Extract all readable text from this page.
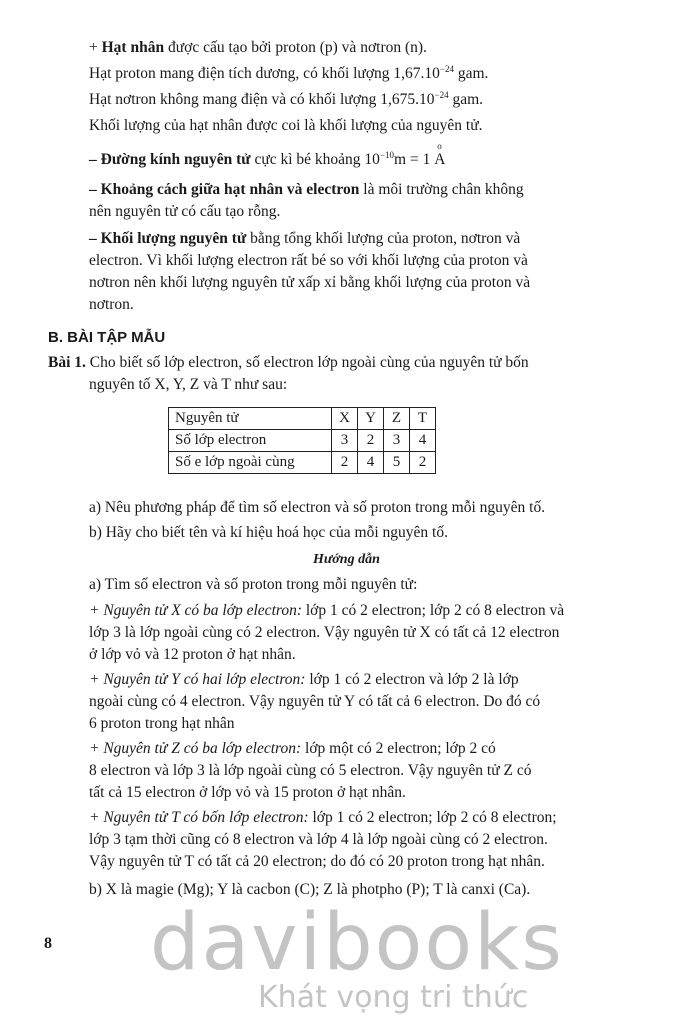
+ Hạt nhân được cấu tạo bởi proton (p) và nơtron (n).
Hạt proton mang điện tích dương, có khối lượng $1,67.10^{-24}$ gam.
Hạt nơtron không mang điện và có khối lượng $1,675.10^{-24}$ gam.
Khối lượng của hạt nhân được coi là khối lượng của nguyên tử.
– Đường kính nguyên tử cực kì bé khoảng $10^{-10}m = 1$
o
A
– Khoảng cách giữa hạt nhân và electron là môi trường chân không
nên nguyên tử có cấu tạo rỗng.
– Khối lượng nguyên tử bằng tổng khối lượng của proton, nơtron và
electron. Vì khối lượng electron rất bé so với khối lượng của proton và
nơtron nên khối lượng nguyên tử xấp xỉ bằng khối lượng của proton và
nơtron.
B. BÀI TẬP MẪU
Bài 1. Cho biết số lớp electron, số electron lớp ngoài cùng của nguyên tử bốn
nguyên tố X, Y, Z và T như sau:
Nguyên tử	X	Y	Z	T
Số lớp electron	3	2	3	4
Số e lớp ngoài cùng	2	4	5	2
a) Nêu phương pháp để tìm số electron và số proton trong mỗi nguyên tố.
b) Hãy cho biết tên và kí hiệu hoá học của mỗi nguyên tố.
Hướng dẫn
a) Tìm số electron và số proton trong mỗi nguyên tử:
+ Nguyên tử X có ba lớp electron: lớp 1 có 2 electron; lớp 2 có 8 electron và
lớp 3 là lớp ngoài cùng có 2 electron. Vậy nguyên tử X có tất cả 12 electron
ở lớp vỏ và 12 proton ở hạt nhân.
+ Nguyên tử Y có hai lớp electron: lớp 1 có 2 electron và lớp 2 là lớp
ngoài cùng có 4 electron. Vậy nguyên tử Y có tất cả 6 electron. Do đó có
6 proton trong hạt nhân
+ Nguyên tử Z có ba lớp electron: lớp một có 2 electron; lớp 2 có
8 electron và lớp 3 là lớp ngoài cùng có 5 electron. Vậy nguyên tử Z có
tất cả 15 electron ở lớp vỏ và 15 proton ở hạt nhân.
+ Nguyên tử T có bốn lớp electron: lớp 1 có 2 electron; lớp 2 có 8 electron;
lớp 3 tạm thời cũng có 8 electron và lớp 4 là lớp ngoài cùng có 2 electron.
Vậy nguyên tử T có tất cả 20 electron; do đó có 20 proton trong hạt nhân.
b) X là magie (Mg); Y là cacbon (C); Z là photpho (P); T là canxi (Ca).
8 davibooks
Khát vọng tri thức
